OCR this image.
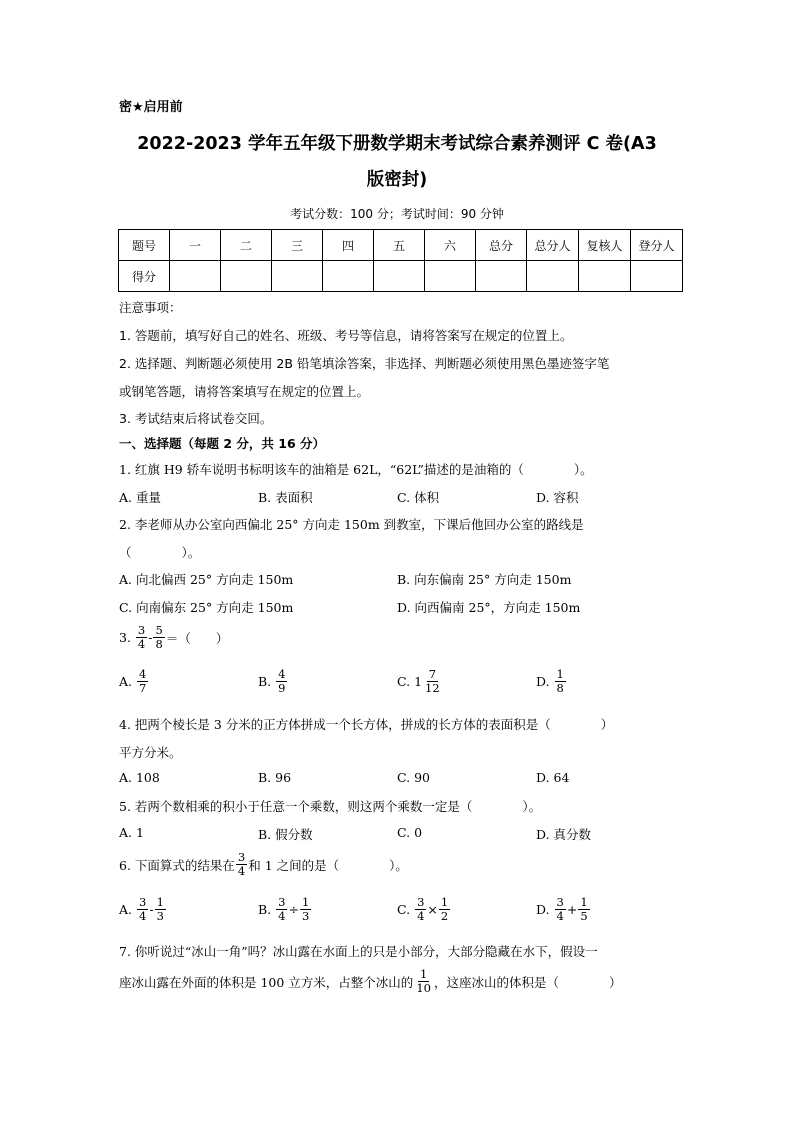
密★启用前
2022-2023 学年五年级下册数学期末考试综合素养测评 C 卷(A3
版密封)
考试分数：100 分；考试时间：90 分钟
题号	一	二	三	四	五	六	总分	总分人	复核人	登分人
得分										
注意事项：
1. 答题前，填写好自己的姓名、班级、考号等信息，请将答案写在规定的位置上。
2. 选择题、判断题必须使用 2B 铅笔填涂答案，非选择、判断题必须使用黑色墨迹签字笔
或钢笔答题，请将答案填写在规定的位置上。
3. 考试结束后将试卷交回。
一、选择题（每题 2 分，共 16 分）
1. 红旗 H9 轿车说明书标明该车的油箱是 62L，“62L”描述的是油箱的（　　　　）。
A. 重量	B. 表面积	C. 体积	D. 容积
2. 李老师从办公室向西偏北 25° 方向走 150m 到教室，下课后他回办公室的路线是
（　　　　）。
A. 向北偏西 25° 方向走 150m	B. 向东偏南 25° 方向走 150m
C. 向南偏东 25° 方向走 150m	D. 向西偏南 25°，方向走 150m
3.
$\frac{3}{4} - \frac{5}{8}$ ＝（　　）
A.
$\frac{4}{7}$	B.
$\frac{4}{9}$	C.
$1 \frac{7}{12}$	D.
$\frac{1}{8}$
4. 把两个棱长是 3 分米的正方体拼成一个长方体，拼成的长方体的表面积是（　　　　）
平方分米。
A. 108	B. 96	C. 90	D. 64
5. 若两个数相乘的积小于任意一个乘数，则这两个乘数一定是（　　　　）。
A. 1	B. 假分数	C. 0	D. 真分数
6. 下面算式的结果在 $\frac{3}{4}$ 和 1 之间的是（　　　　）。
A.
$\frac{3}{4} - \frac{1}{3}$	B.
$\frac{3}{4} \div \frac{1}{3}$	C.
$\frac{3}{4} \times \frac{1}{2}$	D.
$\frac{3}{4} + \frac{1}{5}$
7. 你听说过“冰山一角”吗？冰山露在水面上的只是小部分，大部分隐藏在水下，假设一
座冰山露在外面的体积是 100 立方米，占整个冰山的 $\frac{1}{10}$ ，这座冰山的体积是（　　　　）
